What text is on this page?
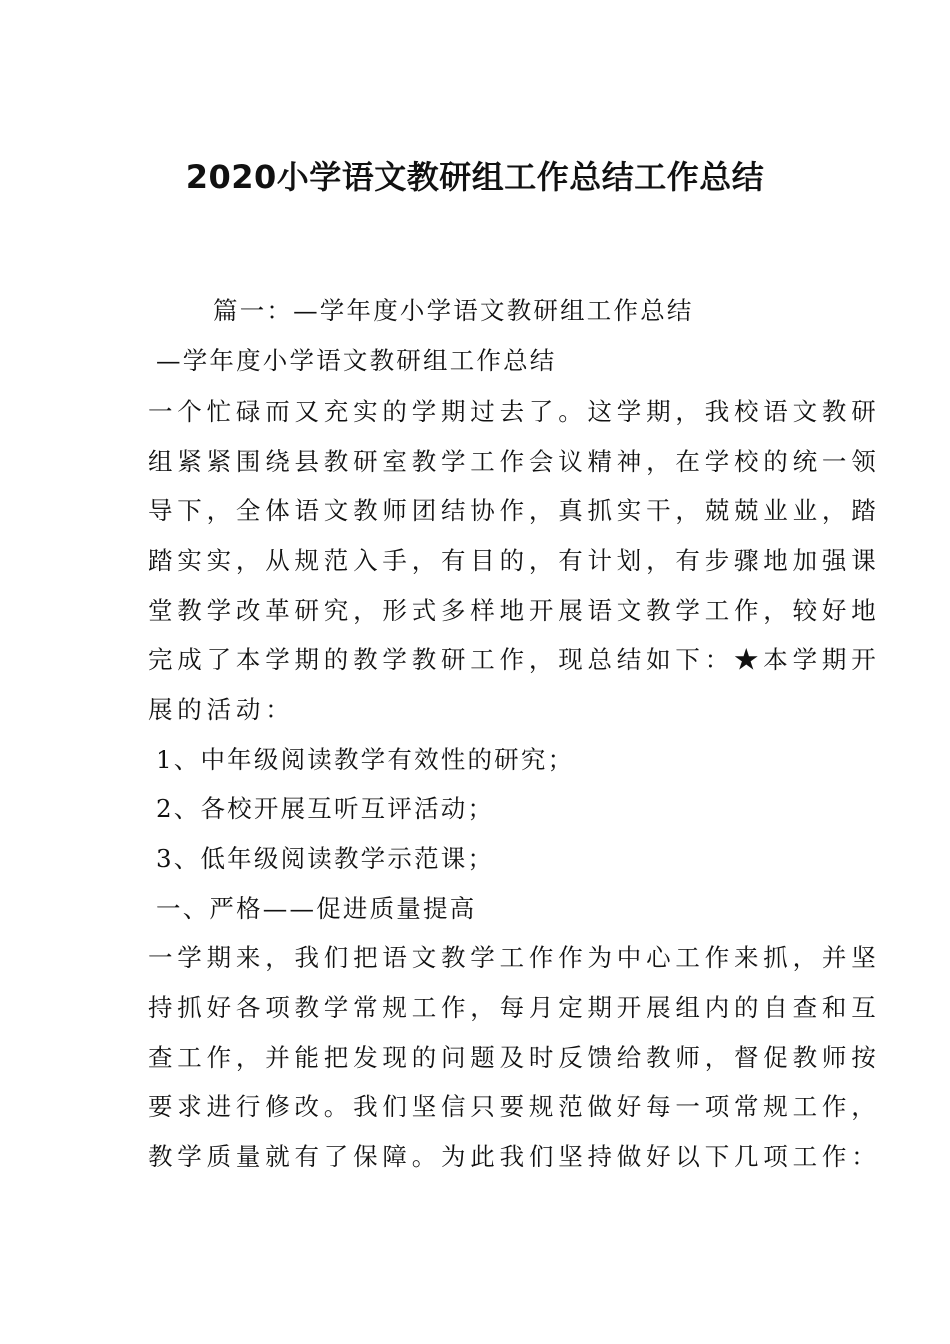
2020小学语文教研组工作总结工作总结

篇一：—学年度小学语文教研组工作总结

—学年度小学语文教研组工作总结

一个忙碌而又充实的学期过去了。这学期，我校语文教研

组紧紧围绕县教研室教学工作会议精神，在学校的统一领

导下，全体语文教师团结协作，真抓实干，兢兢业业，踏

踏实实，从规范入手，有目的，有计划，有步骤地加强课

堂教学改革研究，形式多样地开展语文教学工作，较好地

完成了本学期的教学教研工作，现总结如下：★本学期开

展的活动：

1、中年级阅读教学有效性的研究；

2、各校开展互听互评活动；

3、低年级阅读教学示范课；

一、严格——促进质量提高

一学期来，我们把语文教学工作作为中心工作来抓，并坚

持抓好各项教学常规工作，每月定期开展组内的自查和互

查工作，并能把发现的问题及时反馈给教师，督促教师按

要求进行修改。我们坚信只要规范做好每一项常规工作，

教学质量就有了保障。为此我们坚持做好以下几项工作：
